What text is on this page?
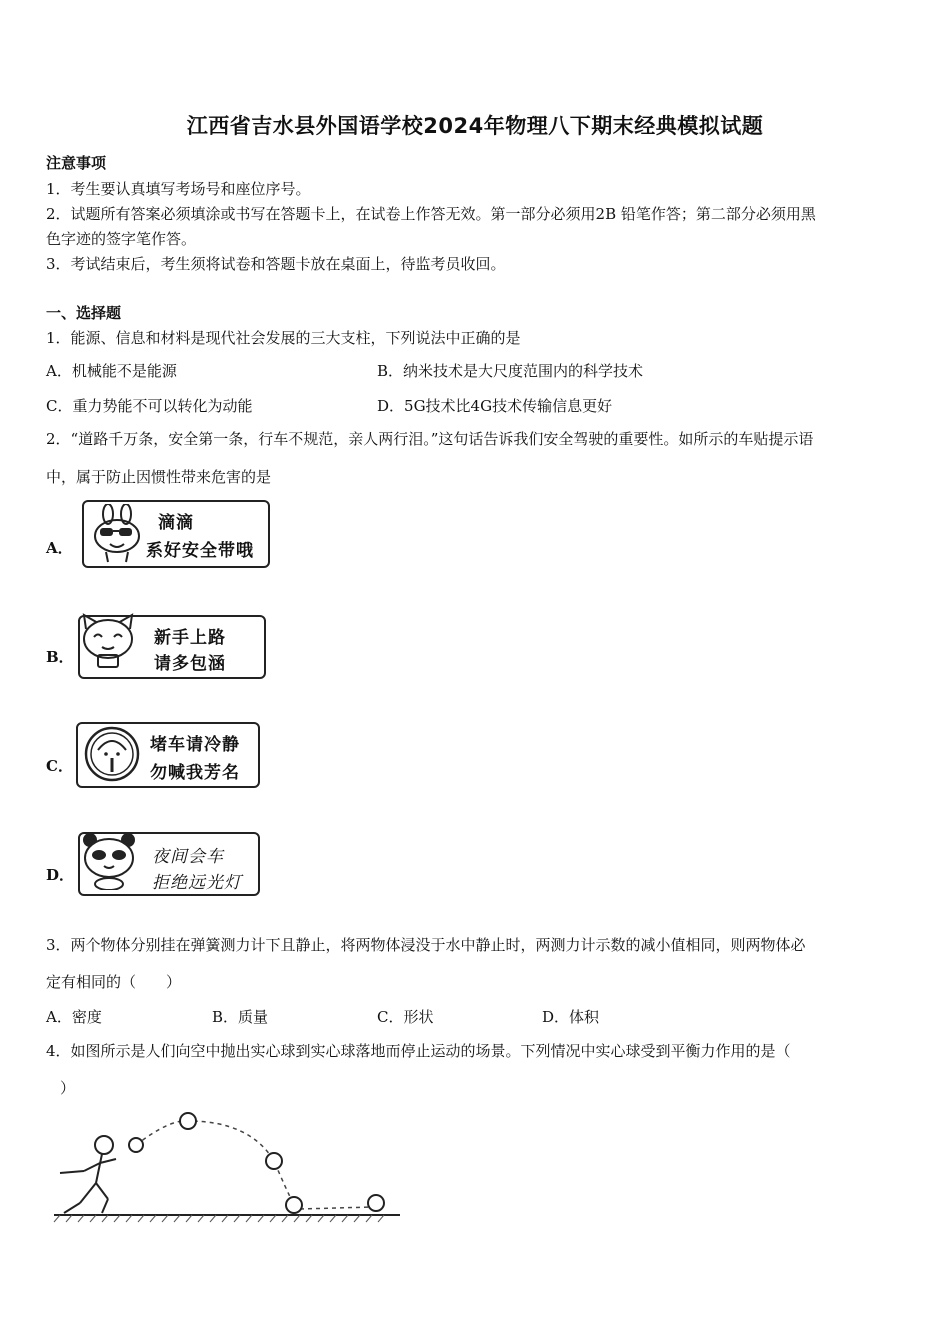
江西省吉水县外国语学校2024年物理八下期末经典模拟试题
注意事项
1．考生要认真填写考场号和座位序号。
2．试题所有答案必须填涂或书写在答题卡上，在试卷上作答无效。第一部分必须用2B 铅笔作答；第二部分必须用黑
色字迹的签字笔作答。
3．考试结束后，考生须将试卷和答题卡放在桌面上，待监考员收回。
一、选择题
1．能源、信息和材料是现代社会发展的三大支柱，下列说法中正确的是
A．机械能不是能源	B．纳米技术是大尺度范围内的科学技术
C．重力势能不可以转化为动能	D．5G技术比4G技术传输信息更好
2．“道路千万条，安全第一条，行车不规范，亲人两行泪。”这句话告诉我们安全驾驶的重要性。如所示的车贴提示语
中，属于防止因惯性带来危害的是
A．
滴滴
系好安全带哦
B．
新手上路
请多包涵
C．
堵车请冷静
勿喊我芳名
D．
夜间会车
拒绝远光灯
3．两个物体分别挂在弹簧测力计下且静止，将两物体浸没于水中静止时，两测力计示数的减小值相同，则两物体必
定有相同的（　　）
A．密度	B．质量	C．形状	D．体积
4．如图所示是人们向空中抛出实心球到实心球落地而停止运动的场景。下列情况中实心球受到平衡力作用的是（
）
